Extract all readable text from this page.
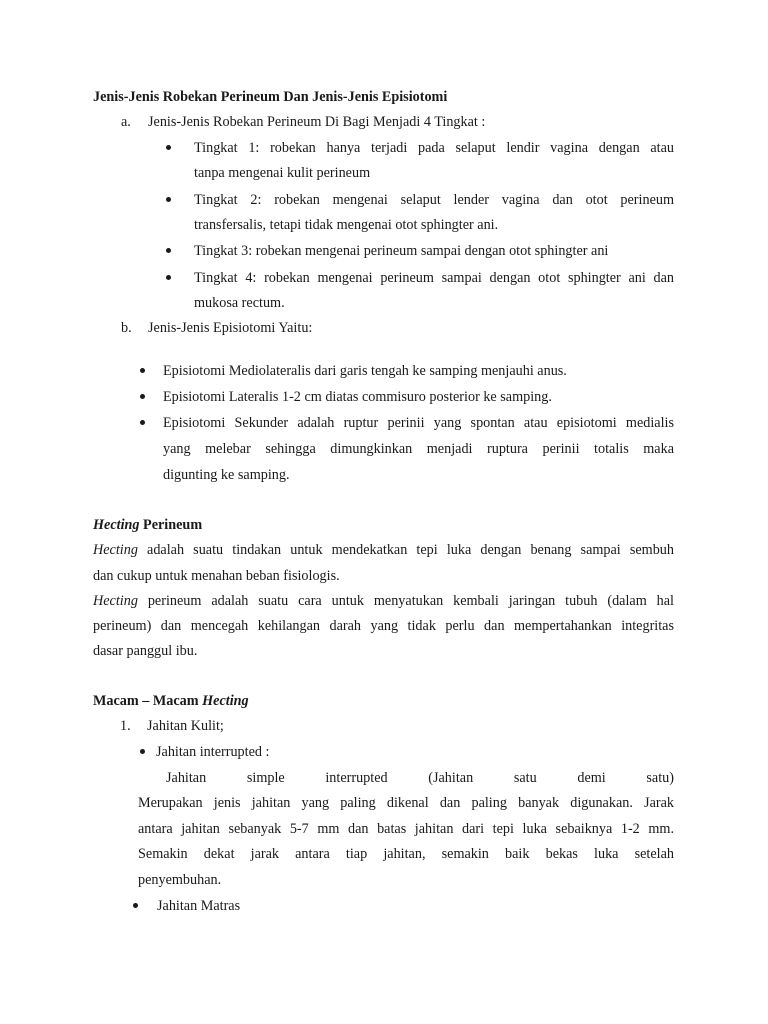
Jenis-Jenis Robekan Perineum Dan Jenis-Jenis Episiotomi
a. Jenis-Jenis Robekan Perineum Di Bagi Menjadi 4 Tingkat :
Tingkat 1: robekan hanya terjadi pada selaput lendir vagina dengan atau
tanpa mengenai kulit perineum
Tingkat 2: robekan mengenai selaput lender vagina dan otot perineum
transfersalis, tetapi tidak mengenai otot sphingter ani.
Tingkat 3: robekan mengenai perineum sampai dengan otot sphingter ani
Tingkat 4: robekan mengenai perineum sampai dengan otot sphingter ani dan
mukosa rectum.
b. Jenis-Jenis Episiotomi Yaitu:
Episiotomi Mediolateralis dari garis tengah ke samping menjauhi anus.
Episiotomi Lateralis 1-2 cm diatas commisuro posterior ke samping.
Episiotomi Sekunder adalah ruptur perinii yang spontan atau episiotomi medialis
yang melebar sehingga dimungkinkan menjadi ruptura perinii totalis maka
digunting ke samping.
Hecting Perineum
Hecting adalah suatu tindakan untuk mendekatkan tepi luka dengan benang sampai sembuh
dan cukup untuk menahan beban fisiologis.
Hecting perineum adalah suatu cara untuk menyatukan kembali jaringan tubuh (dalam hal
perineum) dan mencegah kehilangan darah yang tidak perlu dan mempertahankan integritas
dasar panggul ibu.
Macam – Macam Hecting
1. Jahitan Kulit;
Jahitan interrupted :
Jahitan simple interrupted (Jahitan satu demi satu)
Merupakan jenis jahitan yang paling dikenal dan paling banyak digunakan. Jarak
antara jahitan sebanyak 5-7 mm dan batas jahitan dari tepi luka sebaiknya 1-2 mm.
Semakin dekat jarak antara tiap jahitan, semakin baik bekas luka setelah
penyembuhan.
Jahitan Matras
